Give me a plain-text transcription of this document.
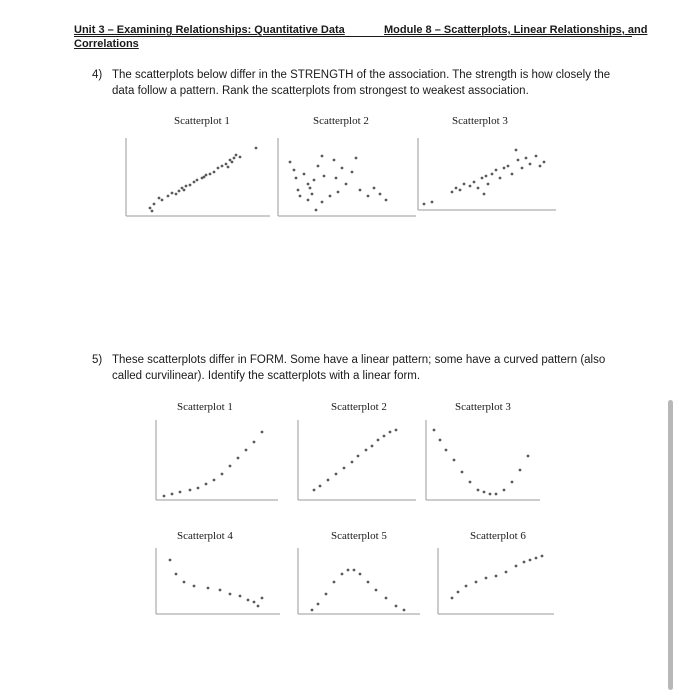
Unit 3 – Examining Relationships: Quantitative Data
Correlations
Module 8 – Scatterplots, Linear Relationships, and
4) The scatterplots below differ in the STRENGTH of the association. The strength is how closely the data follow a pattern. Rank the scatterplots from strongest to weakest association.
Scatterplot 1	Scatterplot 2	Scatterplot 3
5) These scatterplots differ in FORM. Some have a linear pattern; some have a curved pattern (also called curvilinear). Identify the scatterplots with a linear form.
Scatterplot 1	Scatterplot 2	Scatterplot 3
Scatterplot 4	Scatterplot 5	Scatterplot 6
